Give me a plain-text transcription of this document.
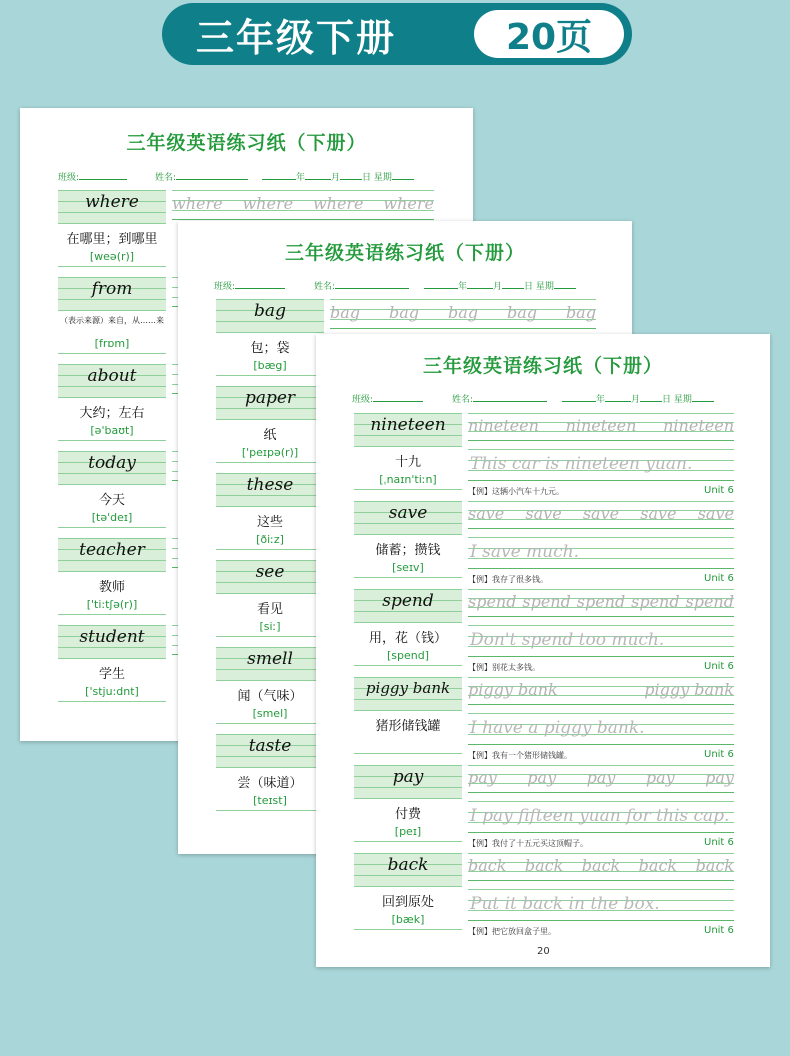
三年级下册	20页
三年级英语练习纸（下册）
班级:	姓名:	年	月 日 星期
where
在哪里；到哪里
[weə(r)]
where where where where
from
（表示来源）来自，从……来
[frɒm]
about
大约；左右
[ə'baʊt]
today
今天
[tə'deɪ]
teacher
教师
['ti:tʃə(r)]
student
学生
['stju:dnt]
三年级英语练习纸（下册）
班级:	姓名:	年	月 日 星期
bag
包；袋
[bæg]
bag bag bag bag bag
paper
纸
['peɪpə(r)]
these
这些
[ðiːz]
see
看见
[siː]
smell
闻（气味）
[smel]
taste
尝（味道）
[teɪst]
三年级英语练习纸（下册）
班级:	姓名:	年	月 日 星期
20
nineteen
十九
[ˌnaɪn'tiːn]
nineteen nineteen nineteen
This car is nineteen yuan.
【例】这辆小汽车十九元。	Unit 6
save
储蓄；攒钱
[seɪv]
save save save save save
I save much.
【例】我存了很多钱。	Unit 6
spend
用，花（钱）
[spend]
spend spend spend spend spend
Don't spend too much.
【例】别花太多钱。	Unit 6
piggy bank
猪形储钱罐
piggy bank	piggy bank
I have a piggy bank.
【例】我有一个猪形储钱罐。	Unit 6
pay
付费
[peɪ]
pay pay pay pay pay
I pay fifteen yuan for this cap.
【例】我付了十五元买这顶帽子。	Unit 6
back
回到原处
[bæk]
back back back back back
Put it back in the box.
【例】把它放回盒子里。	Unit 6
